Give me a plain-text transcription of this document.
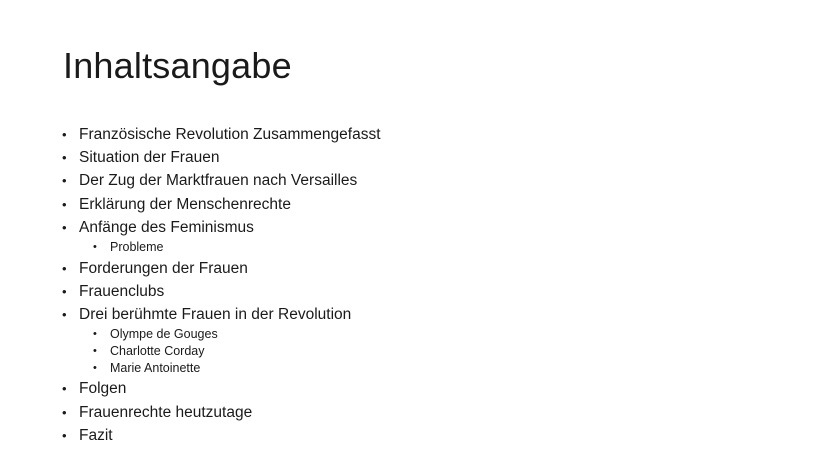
Inhaltsangabe
• Französische Revolution Zusammengefasst
• Situation der Frauen
• Der Zug der Marktfrauen nach Versailles
• Erklärung der Menschenrechte
• Anfänge des Feminismus
• Probleme
• Forderungen der Frauen
• Frauenclubs
• Drei berühmte Frauen in der Revolution
• Olympe de Gouges
• Charlotte Corday
• Marie Antoinette
• Folgen
• Frauenrechte heutzutage
• Fazit
